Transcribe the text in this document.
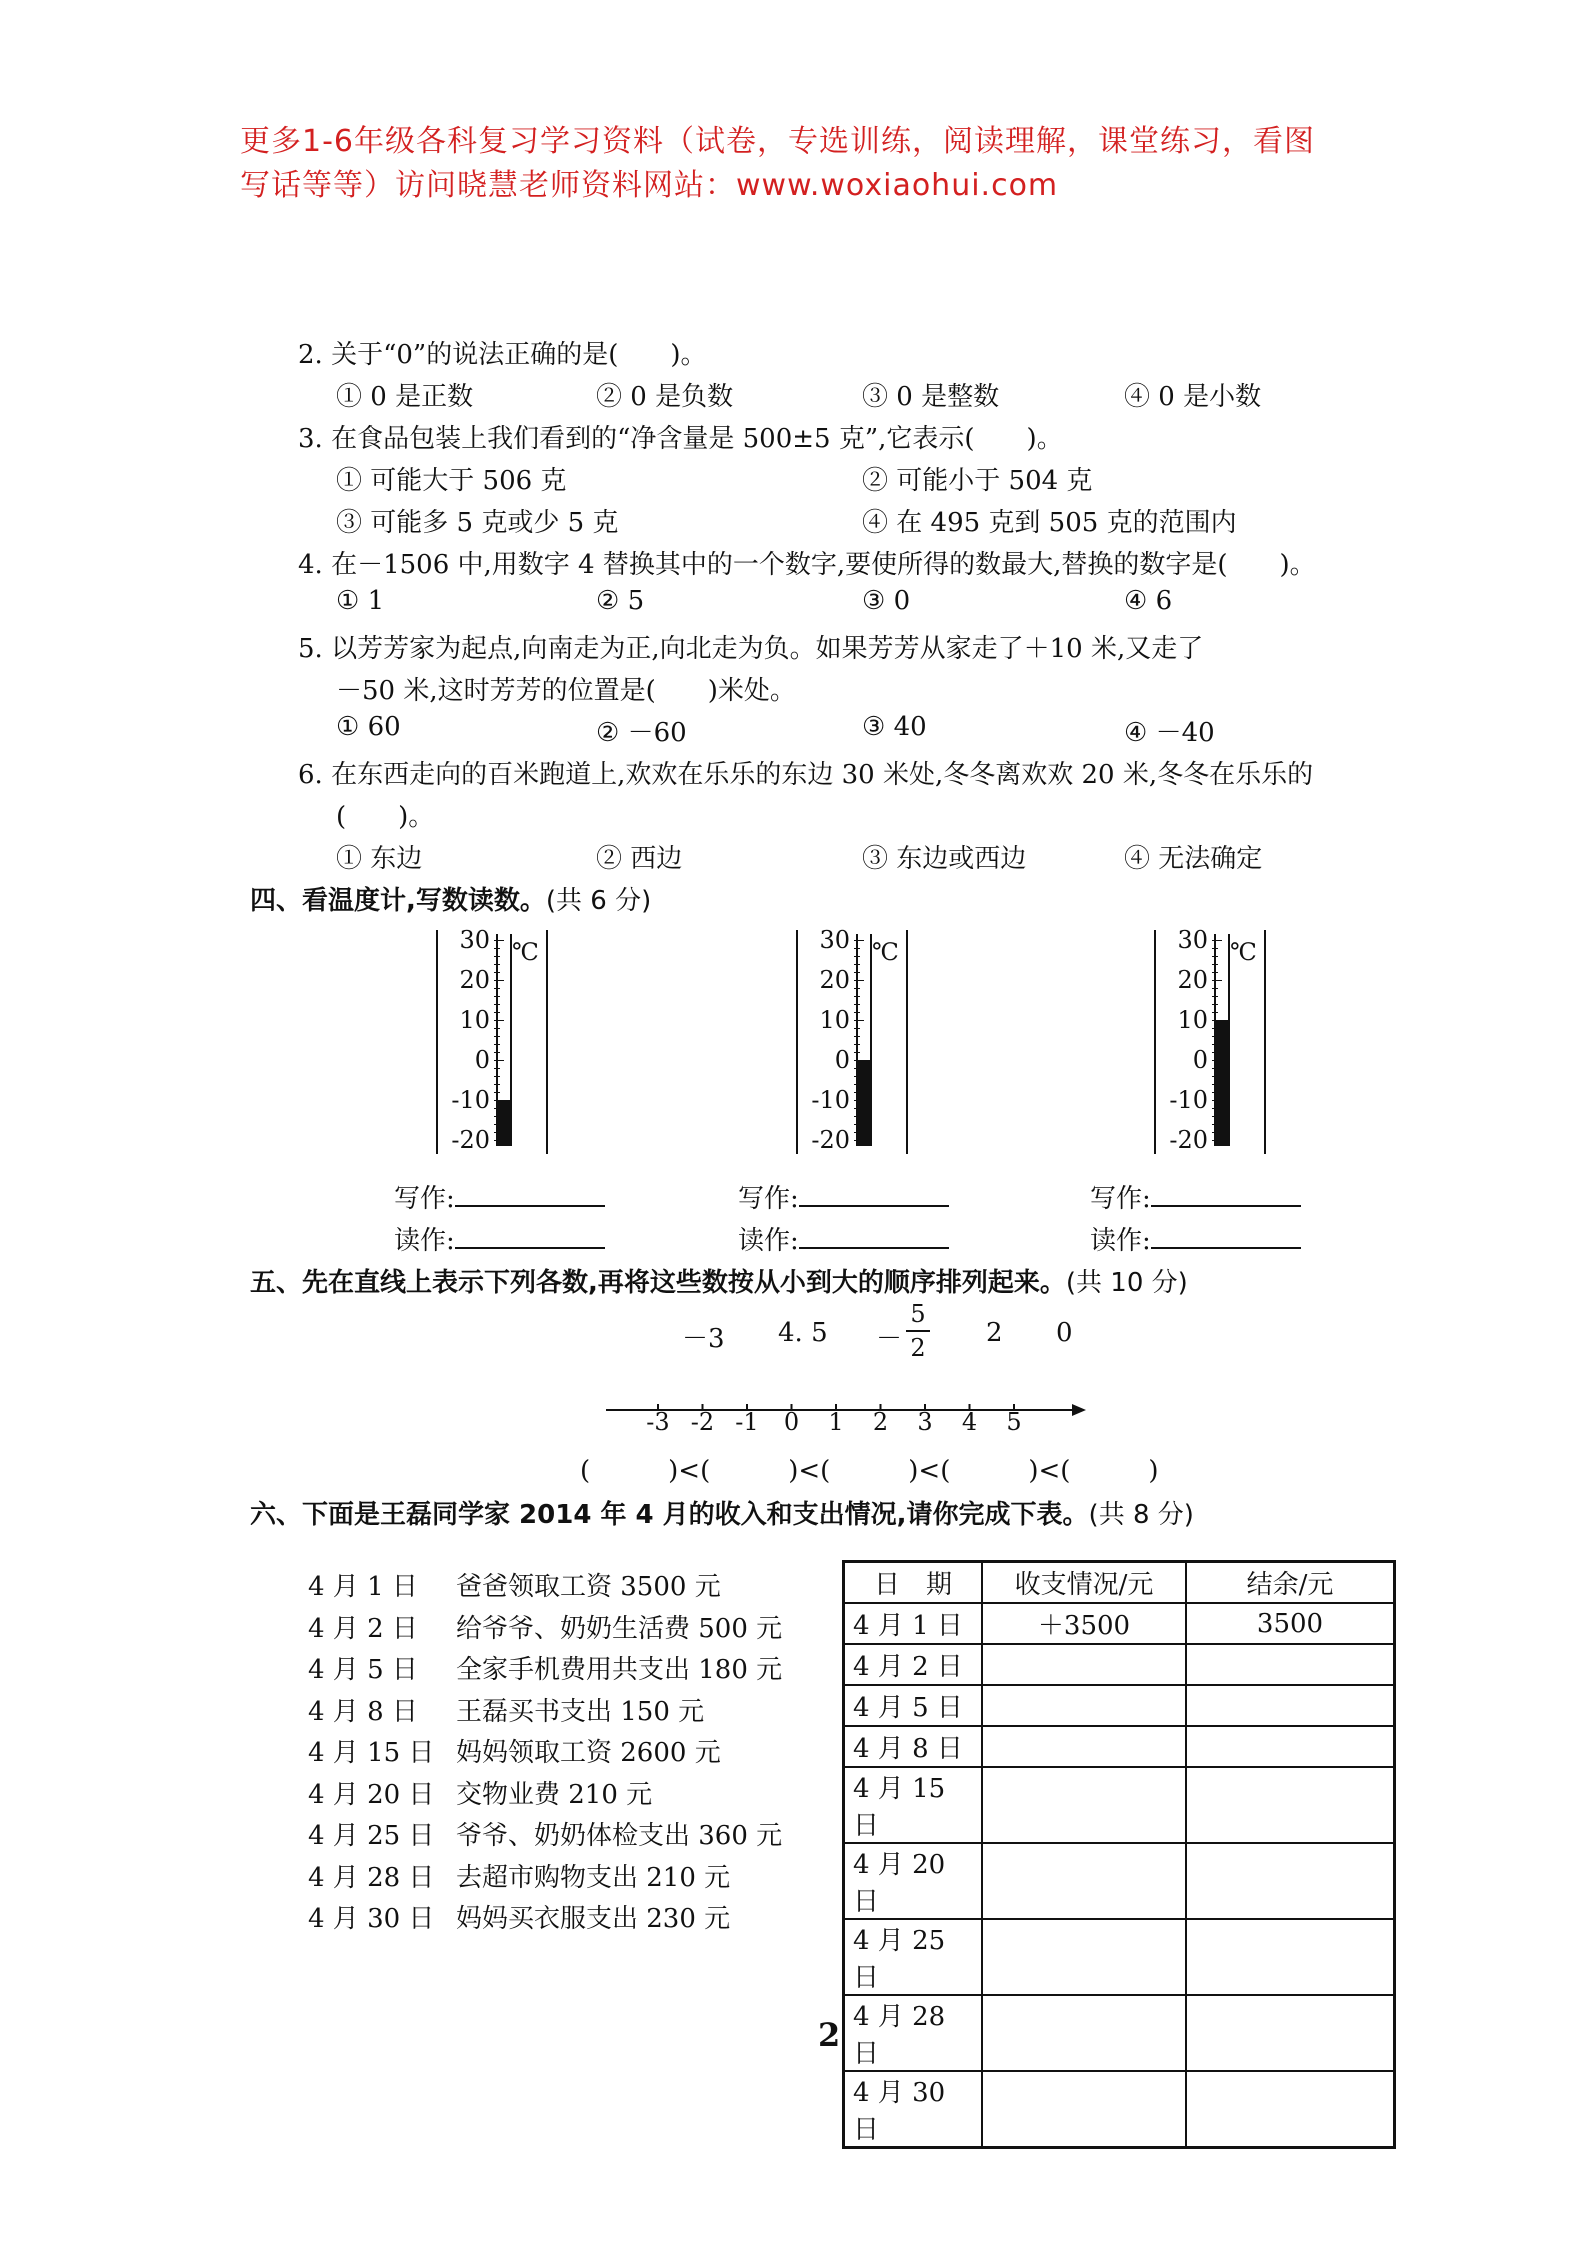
更多1-6年级各科复习学习资料（试卷，专选训练，阅读理解，课堂练习，看图
写话等等）访问晓慧老师资料网站：www.woxiaohui.com
2. 关于“0”的说法正确的是(　　)。
① 0 是正数	② 0 是负数	③ 0 是整数	④ 0 是小数
3. 在食品包装上我们看到的“净含量是 500±5 克”,它表示(　　)。
① 可能大于 506 克	② 可能小于 504 克
③ 可能多 5 克或少 5 克	④ 在 495 克到 505 克的范围内
4. 在－1506 中,用数字 4 替换其中的一个数字,要使所得的数最大,替换的数字是(　　)。
① 1	② 5	③ 0	④ 6
5. 以芳芳家为起点,向南走为正,向北走为负。如果芳芳从家走了＋10 米,又走了
－50 米,这时芳芳的位置是(　　)米处。
① 60	② －60	③ 40	④ －40
6. 在东西走向的百米跑道上,欢欢在乐乐的东边 30 米处,冬冬离欢欢 20 米,冬冬在乐乐的
(　　)。
① 东边	② 西边	③ 东边或西边	④ 无法确定
四、看温度计,写数读数。(共 6 分)
30
20
10
0
-10
-20
℃	30
20
10
0
-10
-20
℃	30
20
10
0
-10
-20
℃
写作:
读作:
写作:
读作:
写作:
读作:
五、先在直线上表示下列各数,再将这些数按从小到大的顺序排列起来。(共 10 分)
－3 4. 5 －
5
2 2 0
-3 -2 -1 0 1 2 3 4 5
(　　　)<(　　　)<(　　　)<(　　　)<(　　　)
六、下面是王磊同学家 2014 年 4 月的收入和支出情况,请你完成下表。(共 8 分)
4 月 1 日 爸爸领取工资 3500 元
4 月 2 日 给爷爷、奶奶生活费 500 元
4 月 5 日 全家手机费用共支出 180 元
4 月 8 日 王磊买书支出 150 元
4 月 15 日 妈妈领取工资 2600 元
4 月 20 日 交物业费 210 元
4 月 25 日 爷爷、奶奶体检支出 360 元
4 月 28 日 去超市购物支出 210 元
4 月 30 日 妈妈买衣服支出 230 元
日　期	收支情况/元	结余/元
4 月 1 日	＋3500	3500
4 月 2 日		
4 月 5 日		
4 月 8 日		
4 月 15 日		
4 月 20 日		
4 月 25 日		
4 月 28 日		
4 月 30 日		
2
